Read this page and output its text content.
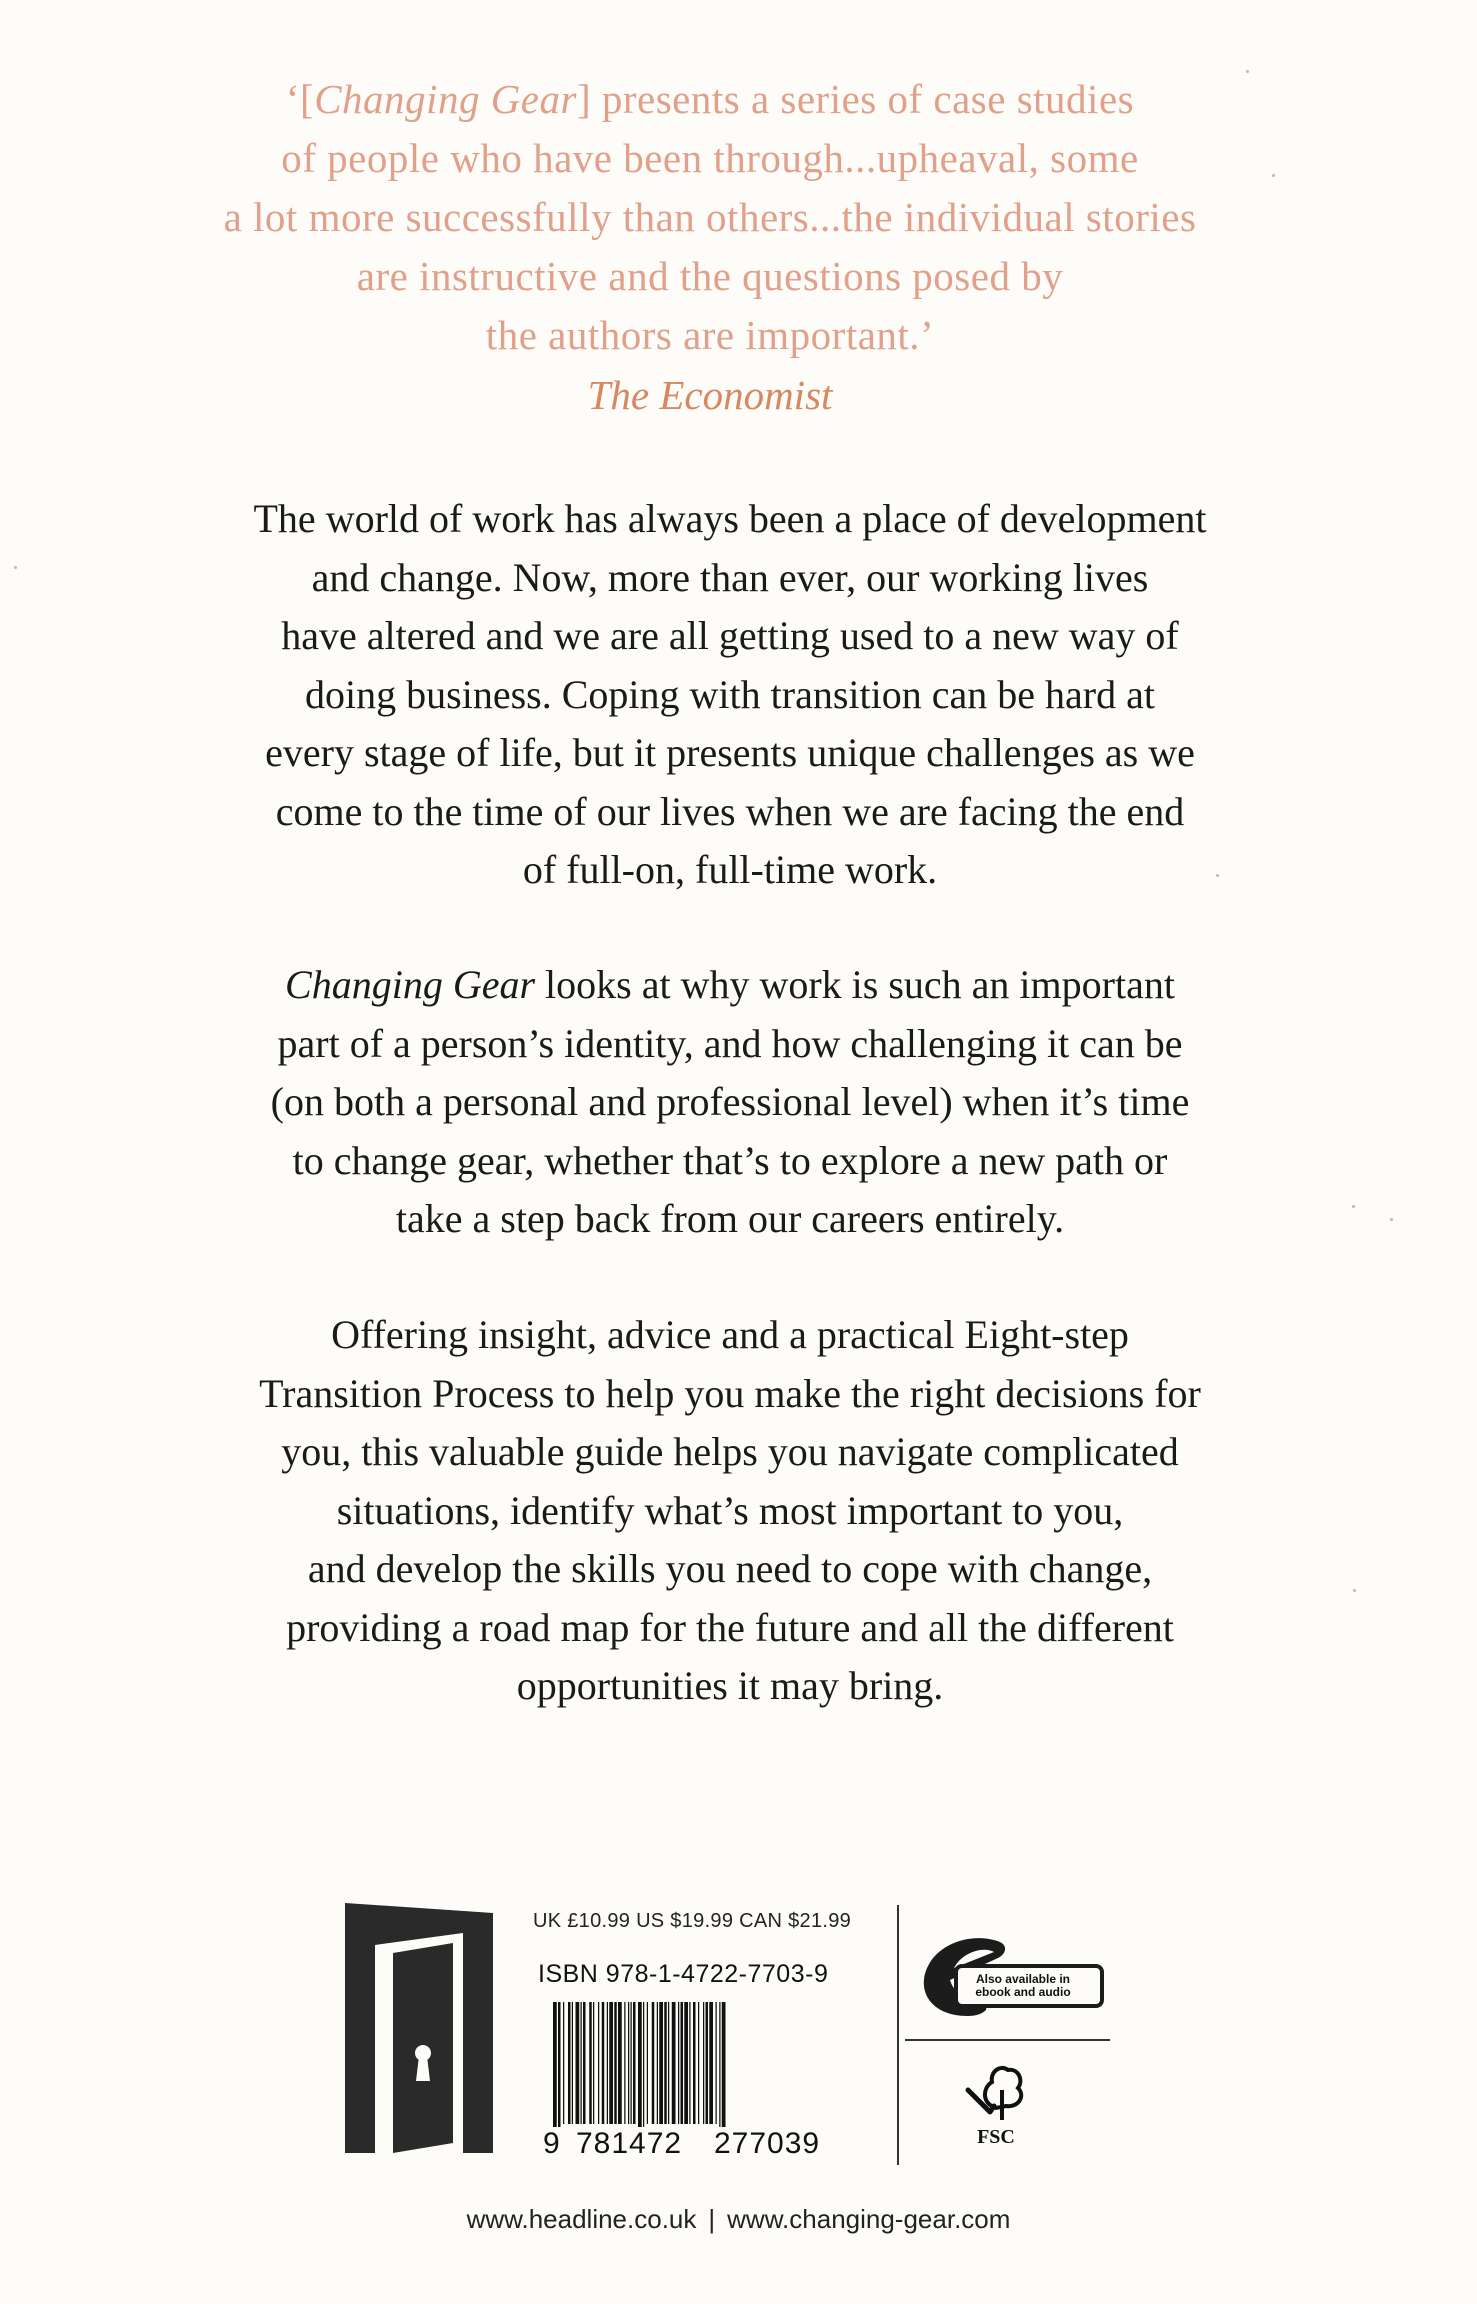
‘[Changing Gear] presents a series of case studies
of people who have been through...upheaval, some
a lot more successfully than others...the individual stories
are instructive and the questions posed by
the authors are important.’
The Economist
The world of work has always been a place of development
and change. Now, more than ever, our working lives
have altered and we are all getting used to a new way of
doing business. Coping with transition can be hard at
every stage of life, but it presents unique challenges as we
come to the time of our lives when we are facing the end
of full-on, full-time work.
Changing Gear looks at why work is such an important
part of a person’s identity, and how challenging it can be
(on both a personal and professional level) when it’s time
to change gear, whether that’s to explore a new path or
take a step back from our careers entirely.
Offering insight, advice and a practical Eight-step
Transition Process to help you make the right decisions for
you, this valuable guide helps you navigate complicated
situations, identify what’s most important to you,
and develop the skills you need to cope with change,
providing a road map for the future and all the different
opportunities it may bring.
UK £10.99 US $19.99 CAN $21.99
ISBN 978-1-4722-7703-9
9 781472 277039
Also available in ebook and audio
FSC
www.headline.co.uk | www.changing-gear.com
